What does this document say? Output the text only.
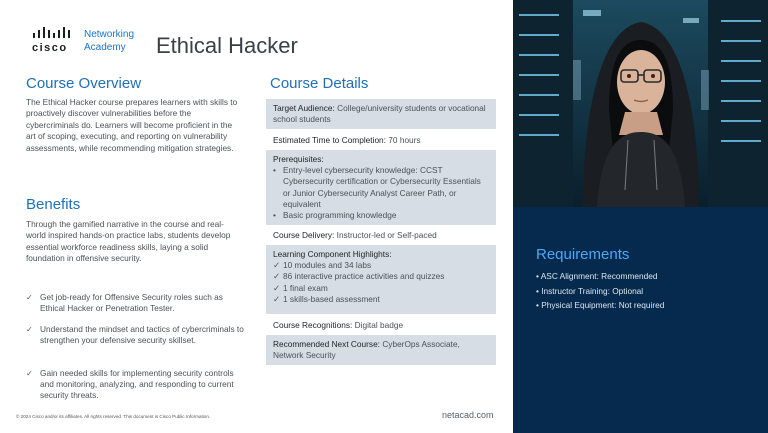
cisco
Networking
Academy Ethical Hacker
Course Overview
The Ethical Hacker course prepares learners with skills to proactively discover vulnerabilities before the cybercriminals do. Learners will become proficient in the art of scoping, executing, and reporting on vulnerability assessments, while recommending mitigation strategies.
Benefits
Through the gamified narrative in the course and real-world inspired hands-on practice labs, students develop essential workforce readiness skills, laying a solid foundation in offensive security.
✓ Get job-ready for Offensive Security roles such as Ethical Hacker or Penetration Tester.
✓ Understand the mindset and tactics of cybercriminals to strengthen your defensive security skillset.
✓ Gain needed skills for implementing security controls and monitoring, analyzing, and responding to current security threats.
Course Details
Target Audience: College/university students or vocational school students
Estimated Time to Completion: 70 hours
Prerequisites:
• Entry-level cybersecurity knowledge: CCST Cybersecurity certification or Cybersecurity Essentials or Junior Cybersecurity Analyst Career Path, or equivalent
• Basic programming knowledge
Course Delivery: Instructor-led or Self-paced
Learning Component Highlights:
✓ 10 modules and 34 labs
✓ 86 interactive practice activities and quizzes
✓ 1 final exam
✓ 1 skills-based assessment
Course Recognitions: Digital badge
Recommended Next Course: CyberOps Associate, Network Security
© 2024 Cisco and/or its affiliates. All rights reserved. This document is Cisco Public Information.	netacad.com
Requirements
• ASC Alignment: Recommended
• Instructor Training: Optional
• Physical Equipment: Not required
